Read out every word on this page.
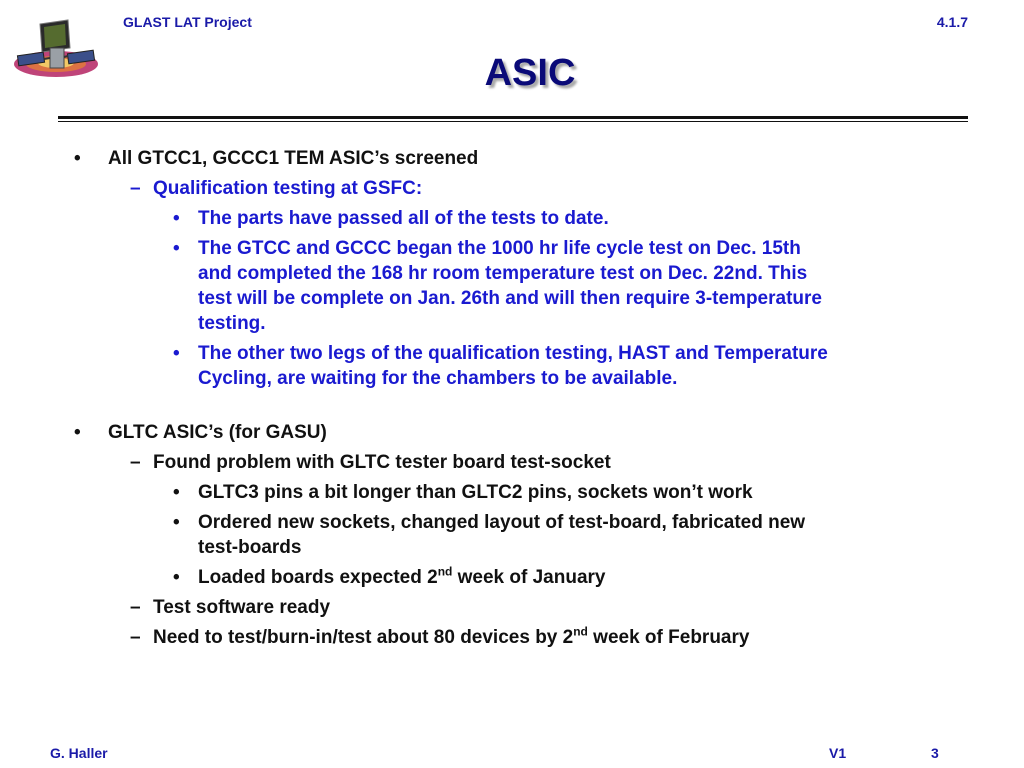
GLAST LAT Project	4.1.7
ASIC
• All GTCC1, GCCC1 TEM ASIC’s screened
– Qualification testing at GSFC:
• The parts have passed all of the tests to date.
• The GTCC and GCCC began the 1000 hr life cycle test on Dec. 15th
and completed the 168 hr room temperature test on Dec. 22nd. This
test will be complete on Jan. 26th and will then require 3-temperature
testing.
• The other two legs of the qualification testing, HAST and Temperature
Cycling, are waiting for the chambers to be available.
• GLTC ASIC’s (for GASU)
– Found problem with GLTC tester board test-socket
• GLTC3 pins a bit longer than GLTC2 pins, sockets won’t work
• Ordered new sockets, changed layout of test-board, fabricated new
test-boards
• Loaded boards expected 2nd week of January
– Test software ready
– Need to test/burn-in/test about 80 devices by 2nd week of February
G. Haller	V1	3
